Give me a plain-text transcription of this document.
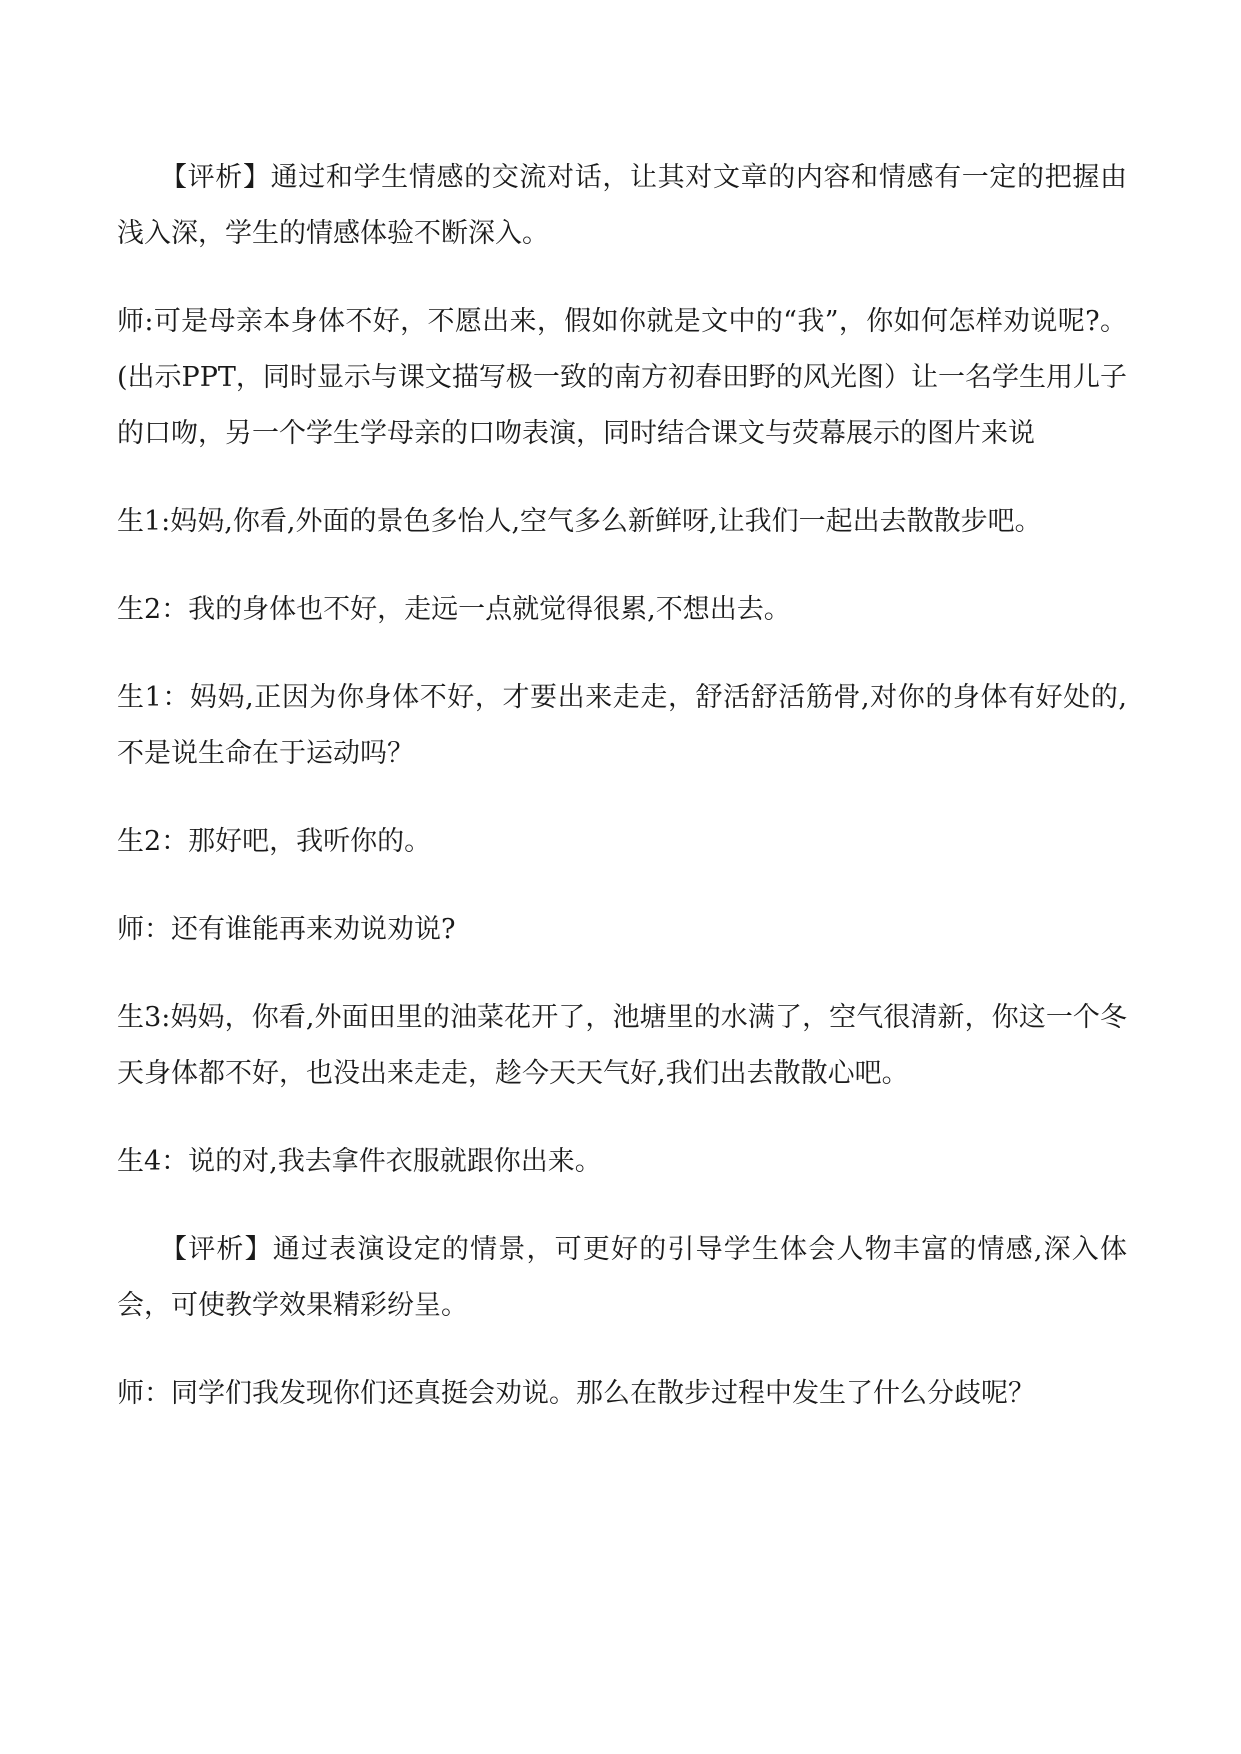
【评析】通过和学生情感的交流对话，让其对文章的内容和情感有一定的把握由浅入深，学生的情感体验不断深入。

师:可是母亲本身体不好，不愿出来，假如你就是文中的“我”，你如何怎样劝说呢?。(出示PPT，同时显示与课文描写极一致的南方初春田野的风光图）让一名学生用儿子的口吻，另一个学生学母亲的口吻表演，同时结合课文与荧幕展示的图片来说

生1:妈妈,你看,外面的景色多怡人,空气多么新鲜呀,让我们一起出去散散步吧。

生2：我的身体也不好，走远一点就觉得很累,不想出去。

生1：妈妈,正因为你身体不好，才要出来走走，舒活舒活筋骨,对你的身体有好处的,不是说生命在于运动吗？

生2：那好吧，我听你的。

师：还有谁能再来劝说劝说?

生3:妈妈，你看,外面田里的油菜花开了，池塘里的水满了，空气很清新，你这一个冬天身体都不好，也没出来走走，趁今天天气好,我们出去散散心吧。

生4：说的对,我去拿件衣服就跟你出来。

【评析】通过表演设定的情景，可更好的引导学生体会人物丰富的情感,深入体会，可使教学效果精彩纷呈。

师：同学们我发现你们还真挺会劝说。那么在散步过程中发生了什么分歧呢？
